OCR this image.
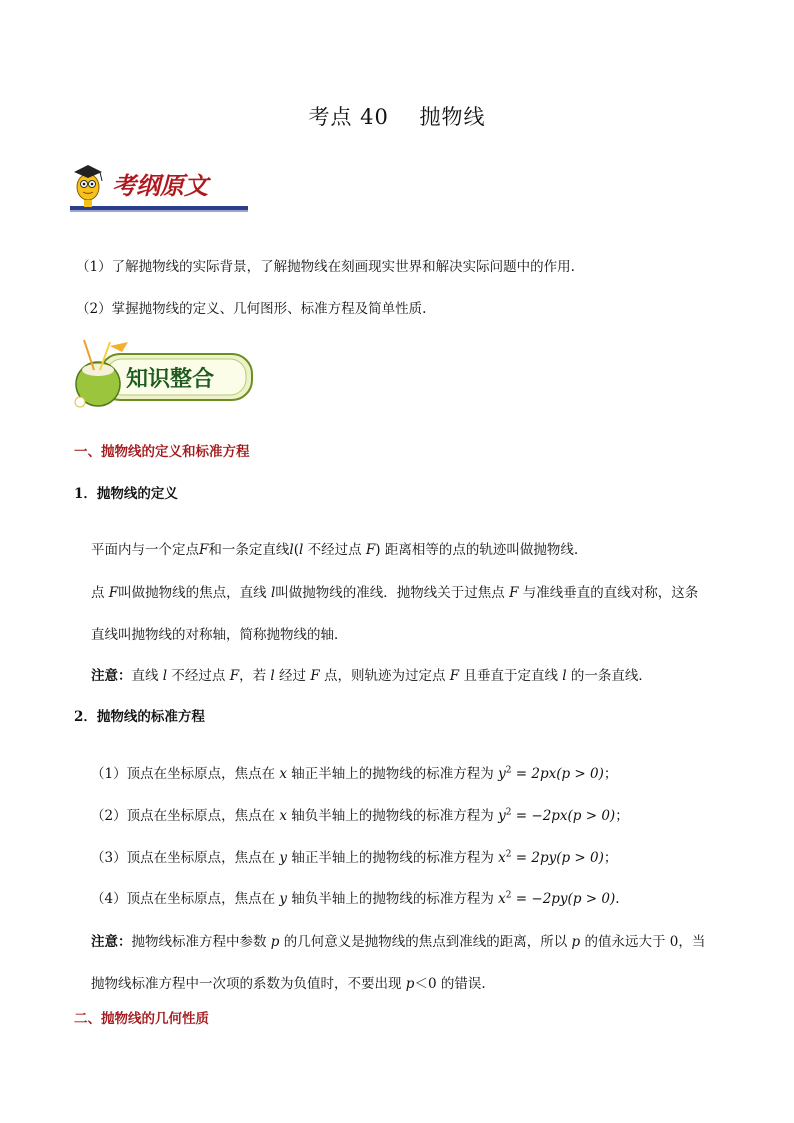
考点 40    抛物线
考纲原文
（1）了解抛物线的实际背景，了解抛物线在刻画现实世界和解决实际问题中的作用.
（2）掌握抛物线的定义、几何图形、标准方程及简单性质.
知识整合
一、抛物线的定义和标准方程
1．抛物线的定义
平面内与一个定点F和一条定直线l(l 不经过点 F) 距离相等的点的轨迹叫做抛物线.
点 F叫做抛物线的焦点，直线 l叫做抛物线的准线．抛物线关于过焦点 F 与准线垂直的直线对称，这条
直线叫抛物线的对称轴，简称抛物线的轴．
注意：直线 l 不经过点 F，若 l 经过 F 点，则轨迹为过定点 F 且垂直于定直线 l 的一条直线．
2．抛物线的标准方程
（1）顶点在坐标原点，焦点在 x 轴正半轴上的抛物线的标准方程为 $y^2 = 2px(p > 0)$；
（2）顶点在坐标原点，焦点在 x 轴负半轴上的抛物线的标准方程为 $y^2 = -2px(p > 0)$；
（3）顶点在坐标原点，焦点在 y 轴正半轴上的抛物线的标准方程为 $x^2 = 2py(p > 0)$；
（4）顶点在坐标原点，焦点在 y 轴负半轴上的抛物线的标准方程为 $x^2 = -2py(p > 0)$.
注意：抛物线标准方程中参数 p 的几何意义是抛物线的焦点到准线的距离，所以 p 的值永远大于 0，当
抛物线标准方程中一次项的系数为负值时，不要出现 p＜0 的错误.
二、抛物线的几何性质
